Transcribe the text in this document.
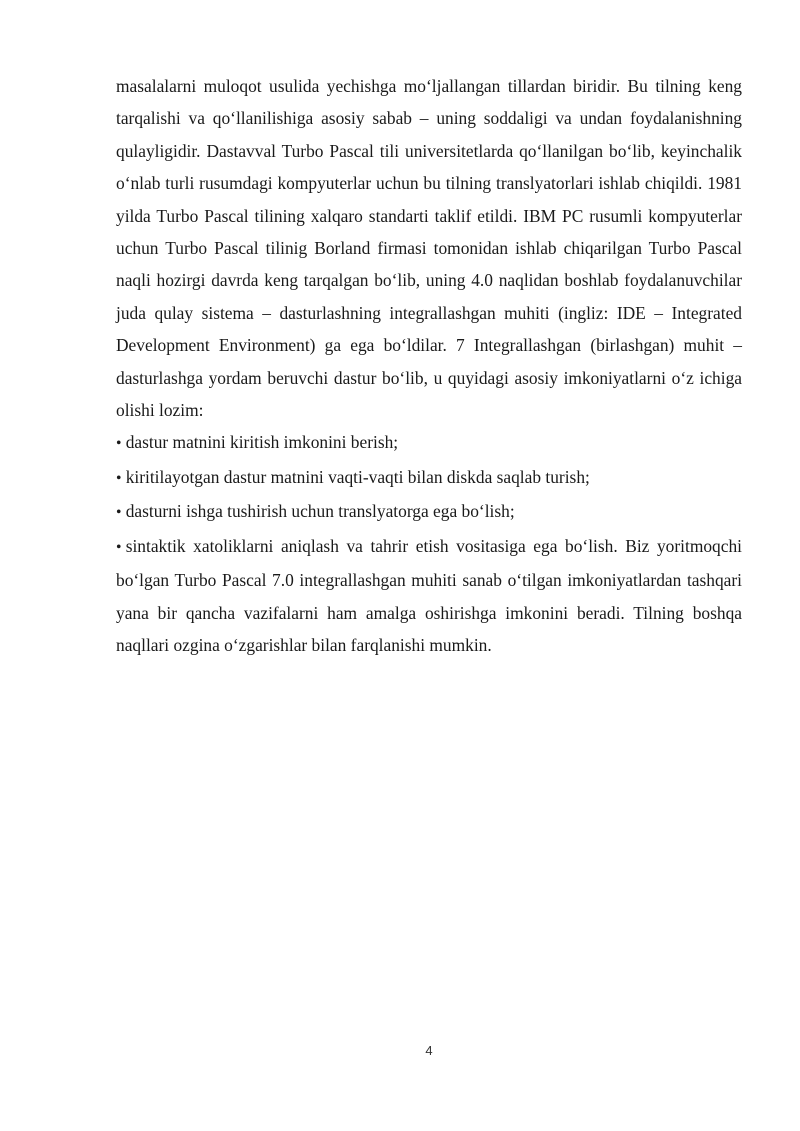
masalalarni muloqot usulida yechishga mo‘ljallangan tillardan biridir. Bu tilning keng tarqalishi va qo‘llanilishiga asosiy sabab – uning soddaligi va undan foydalanishning qulayligidir. Dastavval Turbo Pascal tili universitetlarda qo‘llanilgan bo‘lib, keyinchalik o‘nlab turli rusumdagi kompyuterlar uchun bu tilning translyatorlari ishlab chiqildi. 1981 yilda Turbo Pascal tilining xalqaro standarti taklif etildi. IBM PC rusumli kompyuterlar uchun Turbo Pascal tilinig Borland firmasi tomonidan ishlab chiqarilgan Turbo Pascal naqli hozirgi davrda keng tarqalgan bo‘lib, uning 4.0 naqlidan boshlab foydalanuvchilar juda qulay sistema – dasturlashning integrallashgan muhiti (ingliz: IDE – Integrated Development Environment) ga ega bo‘ldilar. 7 Integrallashgan (birlashgan) muhit – dasturlashga yordam beruvchi dastur bo‘lib, u quyidagi asosiy imkoniyatlarni o‘z ichiga olishi lozim:

• dastur matnini kiritish imkonini berish;

• kiritilayotgan dastur matnini vaqti-vaqti bilan diskda saqlab turish;

• dasturni ishga tushirish uchun translyatorga ega bo‘lish;

• sintaktik xatoliklarni aniqlash va tahrir etish vositasiga ega bo‘lish. Biz yoritmoqchi bo‘lgan Turbo Pascal 7.0 integrallashgan muhiti sanab o‘tilgan imkoniyatlardan tashqari yana bir qancha vazifalarni ham amalga oshirishga imkonini beradi. Tilning boshqa naqllari ozgina o‘zgarishlar bilan farqlanishi mumkin.

4
